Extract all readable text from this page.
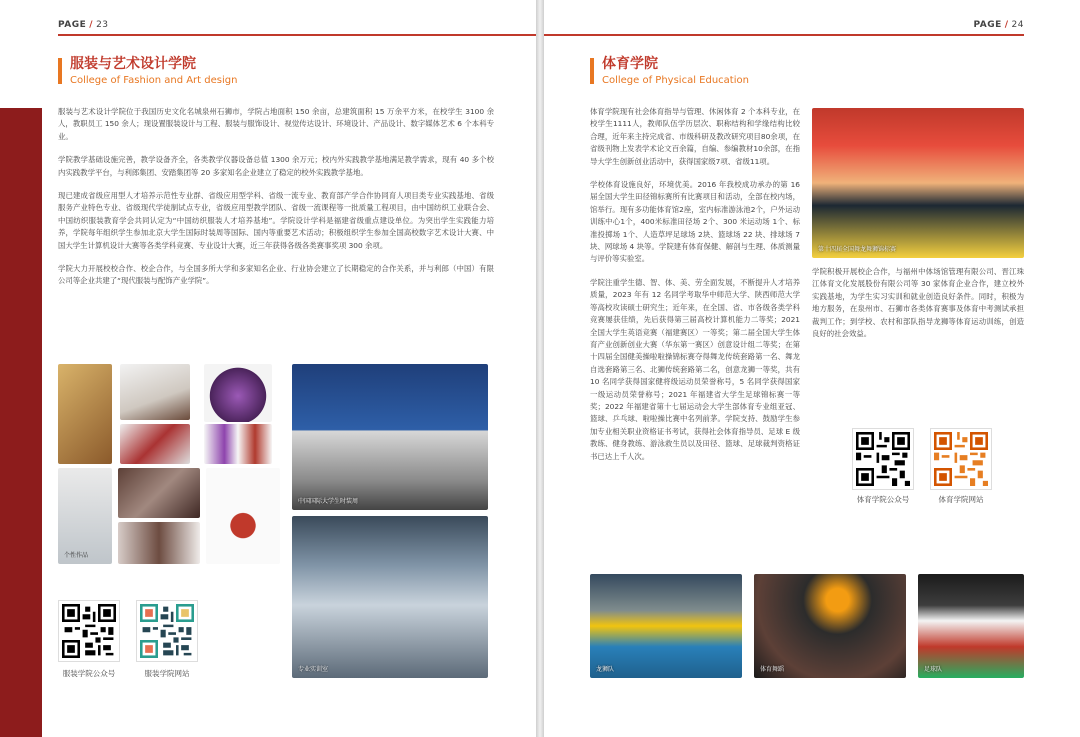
PAGE / 23
服装与艺术设计学院
College of Fashion and Art design

服装与艺术设计学院位于我国历史文化名城泉州石狮市，学院占地面积 150 余亩，总建筑面积 15 万余平方米，在校学生 3100 余人，教职员工 150 余人；现设置服装设计与工程、服装与服饰设计、视觉传达设计、环境设计、产品设计、数字媒体艺术 6 个本科专业。

学院教学基础设施完善，教学设备齐全，各类教学仪器设备总值 1300 余万元；校内外实践教学基地满足教学需求，现有 40 多个校内实践教学平台，与利郎集团、安踏集团等 20 多家知名企业建立了稳定的校外实践教学基地。

现已建成省级应用型人才培养示范性专业群、省级应用型学科、省级一流专业、教育部产学合作协同育人项目类专业实践基地、省级服务产业特色专业、省级现代学徒制试点专业，省级应用型教学团队、省级一流课程等一批质量工程项目，由中国纺织工业联合会、中国纺织服装教育学会共同认定为“中国纺织服装人才培养基地”。学院设计学科是福建省级重点建设单位。为突出学生实践能力培养，学院每年组织学生参加北京大学生国际时装周等国际、国内等重要艺术活动；积极组织学生参加全国高校数字艺术设计大赛、中国大学生计算机设计大赛等各类学科竞赛、专业设计大赛，近三年获得各级各类赛事奖项 300 余项。

学院大力开展校校合作、校企合作，与全国多所大学和多家知名企业、行业协会建立了长期稳定的合作关系，并与利郎（中国）有限公司等企业共建了“现代服装与配饰产业学院”。

个性作品
中国国际大学生时装周
专业实训室
服装学院公众号	服装学院网站
PAGE / 24
体育学院
College of Physical Education

体育学院现有社会体育指导与管理、休闲体育 2 个本科专业，在校学生1111人，教师队伍学历层次、职称结构和学缘结构比较合理，近年来主持完成省、市级科研及教改研究项目80余项，在省级刊物上发表学术论文百余篇，自编、参编教材10余部，在指导大学生创新创业活动中，获得国家级7项、省级11项。

学校体育设施良好，环境优美。2016 年我校成功承办的第 16 届全国大学生田径锦标赛所有比赛项目和活动，全部在校内场，馆举行。现有多功能体育馆2座，室内标准游泳池2个，户外运动训练中心1个，400米标准田径场 2个、300 米运动场 1个、标准投掷场 1个、人造草坪足球场 2块、篮球场 22 块、排球场 7 块、网球场 4 块等。学院建有体育保健、解剖与生理、体质测量与评价等实验室。

学院注重学生德、智、体、美、劳全面发展，不断提升人才培养质量，2023 年有 12 名同学考取华中师范大学、陕西师范大学等高校攻读硕士研究生；近年来，在全国、省、市各级各类学科竞赛屡获佳绩，先后获得第三届高校计算机能力二等奖；2021全国大学生英语竞赛（福建赛区）一等奖；第二届全国大学生体育产业创新创业大赛（华东第一赛区）创意设计组二等奖；在第十四届全国健美操啦啦操锦标赛夺得舞龙传统套路第一名、舞龙自选套路第三名、北狮传统套路第二名，创意龙狮一等奖，共有 10 名同学获得国家健将级运动员荣誉称号，5 名同学获得国家一级运动员荣誉称号；2021 年福建省大学生足球锦标赛一等奖；2022 年福建省第十七届运动会大学生部体育专业组亚冠、篮球、乒乓球、啦啦操比赛中名列前茅。学院支持、鼓励学生参加专业相关职业资格证书考试，获得社会体育指导员、足球 E 级教练、健身教练、游泳救生员以及田径、篮球、足球裁判资格证书已达上千人次。

第十四届全国舞龙舞狮锦标赛

学院积极开展校企合作，与福州中体场馆管理有限公司、晋江珠江体育文化发展股份有限公司等 30 家体育企业合作，建立校外实践基地，为学生实习实训和就业创造良好条件。同时，积极为地方服务，在泉州市、石狮市各类体育赛事及体育中考测试承担裁判工作；到学校、农村和部队指导龙狮等体育运动训练，创造良好的社会效益。

体育学院公众号	体育学院网站
龙狮队	体育舞蹈	足球队
